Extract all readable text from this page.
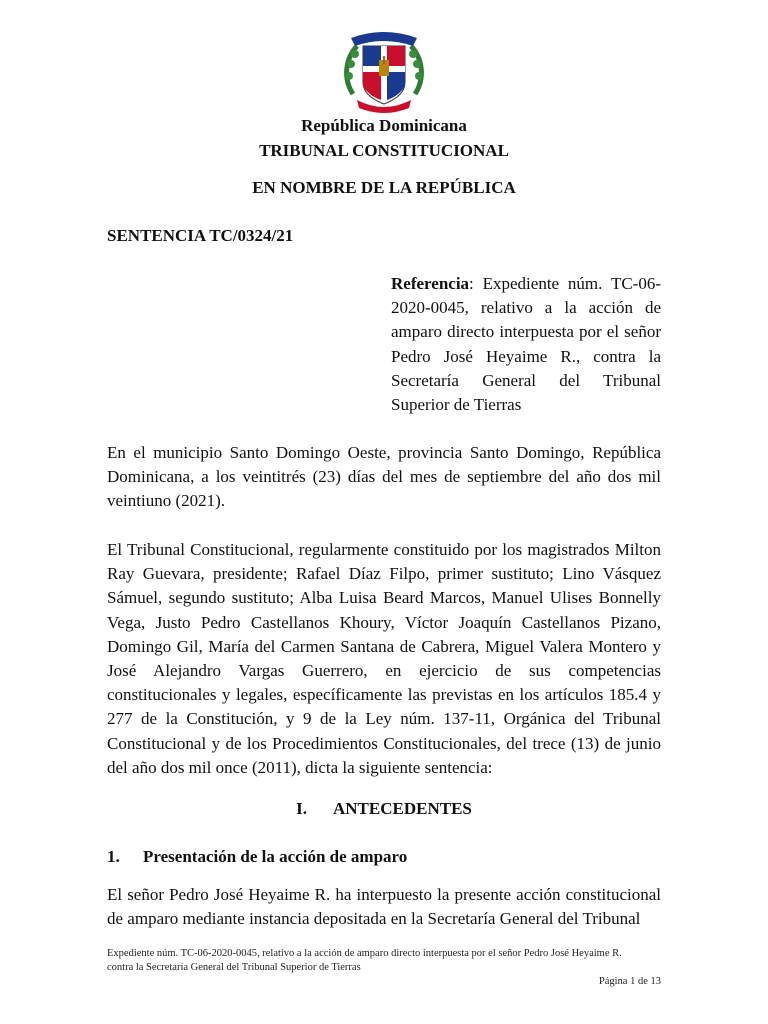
República Dominicana
TRIBUNAL CONSTITUCIONAL
EN NOMBRE DE LA REPÚBLICA
SENTENCIA TC/0324/21
Referencia: Expediente núm. TC-06-2020-0045, relativo a la acción de amparo directo interpuesta por el señor Pedro José Heyaime R., contra la Secretaría General del Tribunal Superior de Tierras
En el municipio Santo Domingo Oeste, provincia Santo Domingo, República Dominicana, a los veintitrés (23) días del mes de septiembre del año dos mil veintiuno (2021).
El Tribunal Constitucional, regularmente constituido por los magistrados Milton Ray Guevara, presidente; Rafael Díaz Filpo, primer sustituto; Lino Vásquez Sámuel, segundo sustituto; Alba Luisa Beard Marcos, Manuel Ulises Bonnelly Vega, Justo Pedro Castellanos Khoury, Víctor Joaquín Castellanos Pizano, Domingo Gil, María del Carmen Santana de Cabrera, Miguel Valera Montero y José Alejandro Vargas Guerrero, en ejercicio de sus competencias constitucionales y legales, específicamente las previstas en los artículos 185.4 y 277 de la Constitución, y 9 de la Ley núm. 137-11, Orgánica del Tribunal Constitucional y de los Procedimientos Constitucionales, del trece (13) de junio del año dos mil once (2011), dicta la siguiente sentencia:
I. ANTECEDENTES
1. Presentación de la acción de amparo
El señor Pedro José Heyaime R. ha interpuesto la presente acción constitucional de amparo mediante instancia depositada en la Secretaría General del Tribunal
Expediente núm. TC-06-2020-0045, relativo a la acción de amparo directo interpuesta por el señor Pedro José Heyaime R.
contra la Secretaría General del Tribunal Superior de Tierras
Página 1 de 13
